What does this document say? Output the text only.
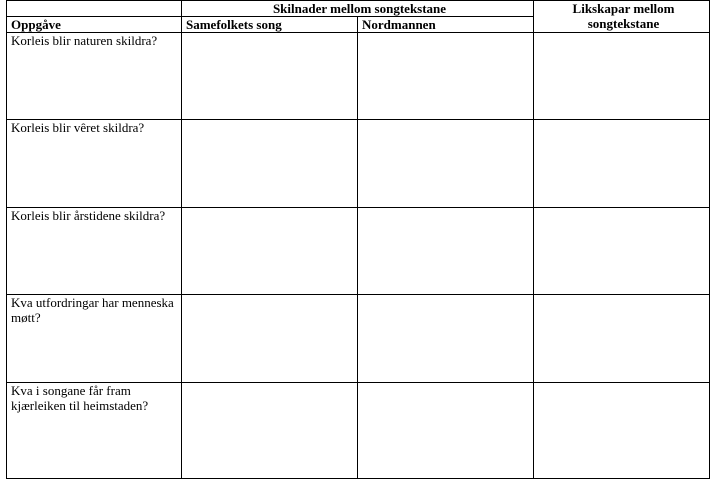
	Skilnader mellom songtekstane		Likskapar mellom songtekstane
Oppgåve	Samefolkets song	Nordmannen	
Korleis blir naturen skildra?			
Korleis blir vêret skildra?			
Korleis blir årstidene skildra?			
Kva utfordringar har menneska møtt?			
Kva i songane får fram kjærleiken til heimstaden?			
